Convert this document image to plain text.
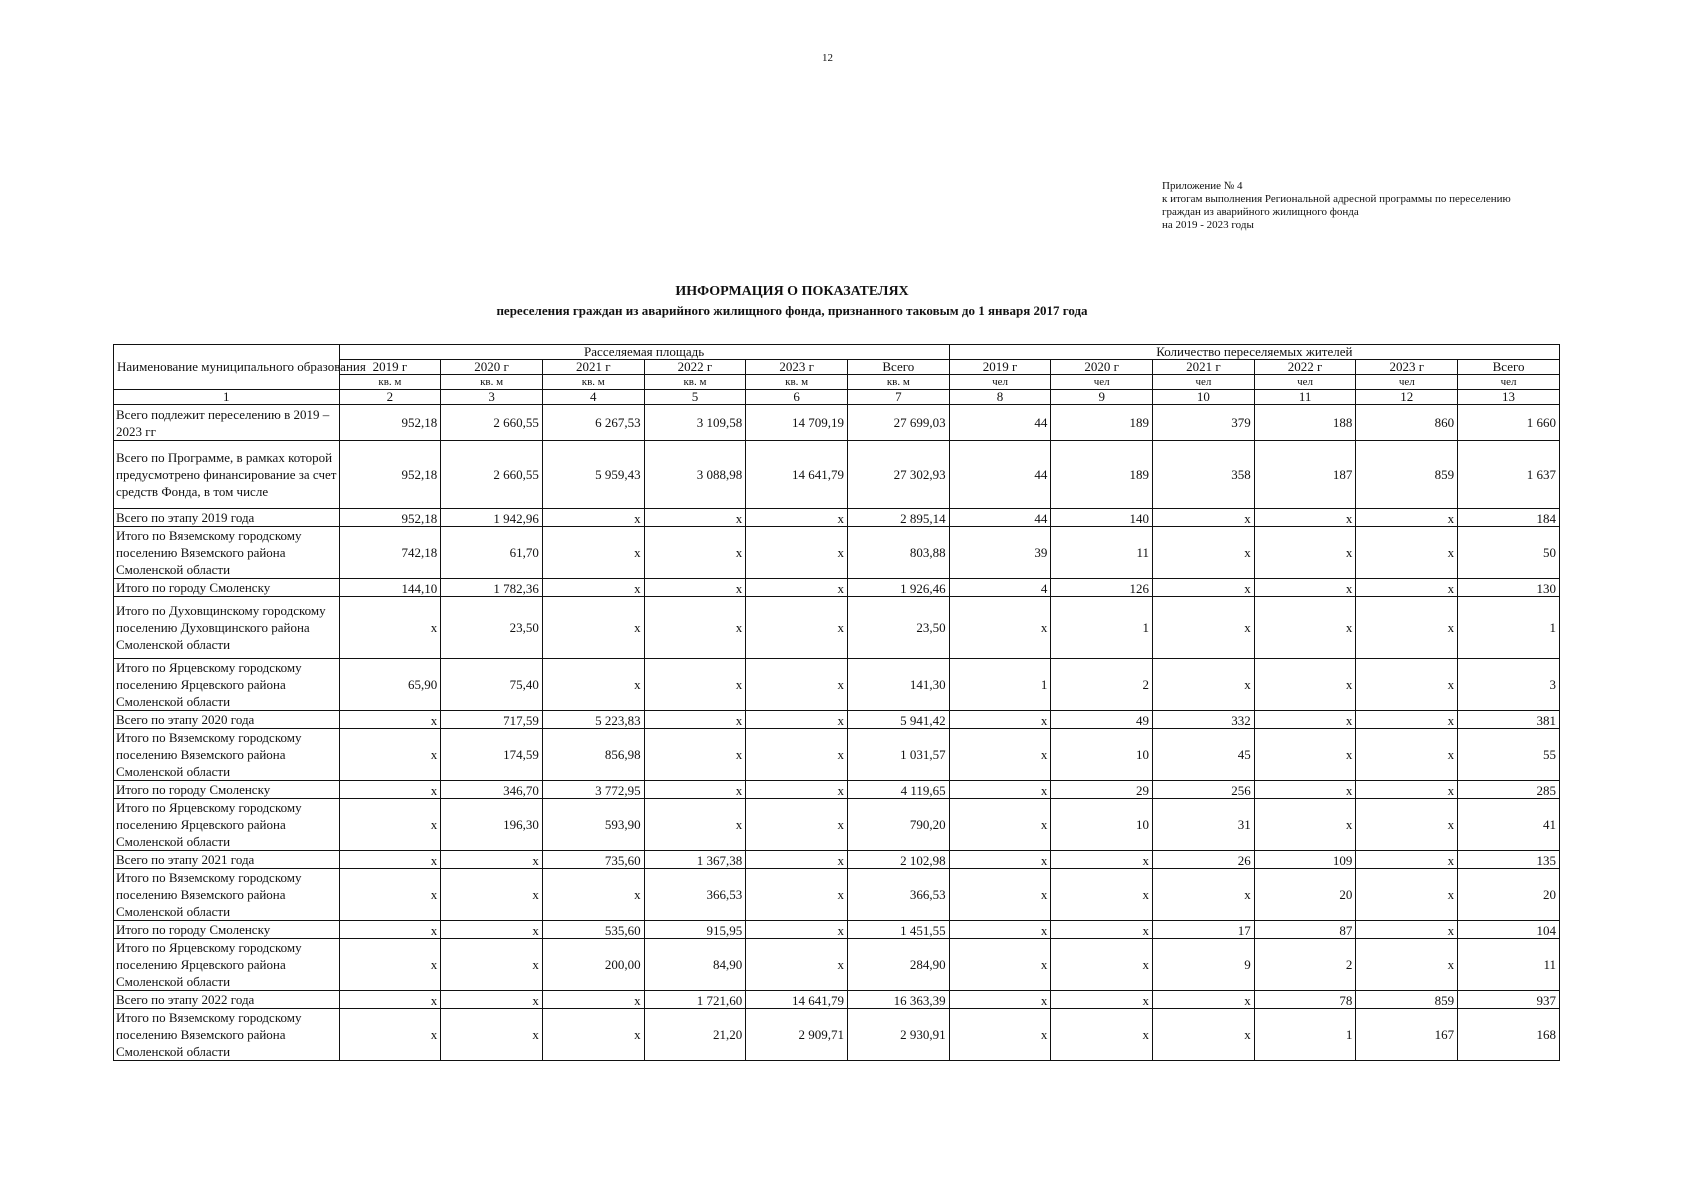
12
Приложение № 4
к итогам выполнения Региональной адресной программы по переселению
граждан из аварийного жилищного фонда
на 2019 - 2023 годы
ИНФОРМАЦИЯ О ПОКАЗАТЕЛЯХ
переселения граждан из аварийного жилищного фонда, признанного таковым до 1 января 2017 года
Наименование муниципального образования	Расселяемая площадь						Количество переселяемых жителей					
	2019 г	2020 г	2021 г	2022 г	2023 г	Всего	2019 г	2020 г	2021 г	2022 г	2023 г	Всего
	кв. м	кв. м	кв. м	кв. м	кв. м	кв. м	чел	чел	чел	чел	чел	чел
1	2	3	4	5	6	7	8	9	10	11	12	13
Всего подлежит переселению в 2019 – 2023 гг	952,18	2 660,55	6 267,53	3 109,58	14 709,19	27 699,03	44	189	379	188	860	1 660
Всего по Программе, в рамках которой предусмотрено финансирование за счет средств Фонда, в том числе	952,18	2 660,55	5 959,43	3 088,98	14 641,79	27 302,93	44	189	358	187	859	1 637
Всего по этапу 2019 года	952,18	1 942,96	x	x	x	2 895,14	44	140	x	x	x	184
Итого по Вяземскому городскому поселению Вяземского района Смоленской области	742,18	61,70	x	x	x	803,88	39	11	x	x	x	50
Итого по городу Смоленску	144,10	1 782,36	x	x	x	1 926,46	4	126	x	x	x	130
Итого по Духовщинскому городскому поселению Духовщинского района Смоленской области	x	23,50	x	x	x	23,50	x	1	x	x	x	1
Итого по Ярцевскому городскому поселению Ярцевского района Смоленской области	65,90	75,40	x	x	x	141,30	1	2	x	x	x	3
Всего по этапу 2020 года	x	717,59	5 223,83	x	x	5 941,42	x	49	332	x	x	381
Итого по Вяземскому городскому поселению Вяземского района Смоленской области	x	174,59	856,98	x	x	1 031,57	x	10	45	x	x	55
Итого по городу Смоленску	x	346,70	3 772,95	x	x	4 119,65	x	29	256	x	x	285
Итого по Ярцевскому городскому поселению Ярцевского района Смоленской области	x	196,30	593,90	x	x	790,20	x	10	31	x	x	41
Всего по этапу 2021 года	x	x	735,60	1 367,38	x	2 102,98	x	x	26	109	x	135
Итого по Вяземскому городскому поселению Вяземского района Смоленской области	x	x	x	366,53	x	366,53	x	x	x	20	x	20
Итого по городу Смоленску	x	x	535,60	915,95	x	1 451,55	x	x	17	87	x	104
Итого по Ярцевскому городскому поселению Ярцевского района Смоленской области	x	x	200,00	84,90	x	284,90	x	x	9	2	x	11
Всего по этапу 2022 года	x	x	x	1 721,60	14 641,79	16 363,39	x	x	x	78	859	937
Итого по Вяземскому городскому поселению Вяземского района Смоленской области	x	x	x	21,20	2 909,71	2 930,91	x	x	x	1	167	168
